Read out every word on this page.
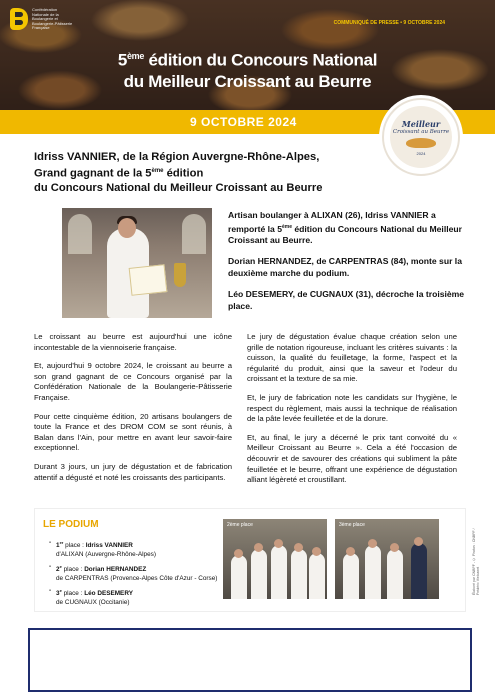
Confédération Nationale de la Boulangerie et Boulangerie-Pâtisserie Française
COMMUNIQUÉ DE PRESSE • 9 OCTOBRE 2024
5ème édition du Concours National
du Meilleur Croissant au Beurre
9 OCTOBRE 2024	Meilleur
Croissant au Beurre
2024
Idriss VANNIER, de la Région Auvergne-Rhône-Alpes,
Grand gagnant de la 5ème édition
du Concours National du Meilleur Croissant au Beurre

Artisan boulanger à ALIXAN (26), Idriss VANNIER a remporté la 5ème édition du Concours National du Meilleur Croissant au Beurre.

Dorian HERNANDEZ, de CARPENTRAS (84), monte sur la deuxième marche du podium.

Léo DESEMERY, de CUGNAUX (31), décroche la troisième place.

Le croissant au beurre est aujourd'hui une icône incontestable de la viennoiserie française.

Et, aujourd'hui 9 octobre 2024, le croissant au beurre a son grand gagnant de ce Concours organisé par la Confédération Nationale de la Boulangerie-Pâtisserie Française.

Pour cette cinquième édition, 20 artisans boulangers de toute la France et des DROM COM se sont réunis, à Balan dans l'Ain, pour mettre en avant leur savoir-faire exceptionnel.

Durant 3 jours, un jury de dégustation et de fabrication attentif a dégusté et noté les croissants des participants.

Le jury de dégustation évalue chaque création selon une grille de notation rigoureuse, incluant les critères suivants : la cuisson, la qualité du feuilletage, la forme, l'aspect et la régularité du produit, ainsi que la saveur et l'odeur du croissant et la texture de sa mie.

Et, le jury de fabrication note les candidats sur l'hygiène, le respect du règlement, mais aussi la technique de réalisation de la pâte levée feuilletée et de la dorure.

Et, au final, le jury a décerné le prix tant convoité du « Meilleur Croissant au Beurre ». Cela a été l'occasion de découvrir et de savourer des créations qui subliment la pâte feuilletée et le beurre, offrant une expérience de dégustation alliant légèreté et croustillant.

LE PODIUM
- 1er place : Idriss VANNIER
d'ALIXAN (Auvergne-Rhône-Alpes)
- 2e place : Dorian HERNANDEZ
de CARPENTRAS (Provence-Alpes Côte d'Azur - Corse)
- 3e place : Léo DESEMERY
de CUGNAUX (Occitanie)
2ème place	3ème place
Élaboré par CNBPF - © Photos : CNBPF / Frédéric Vielcanet
